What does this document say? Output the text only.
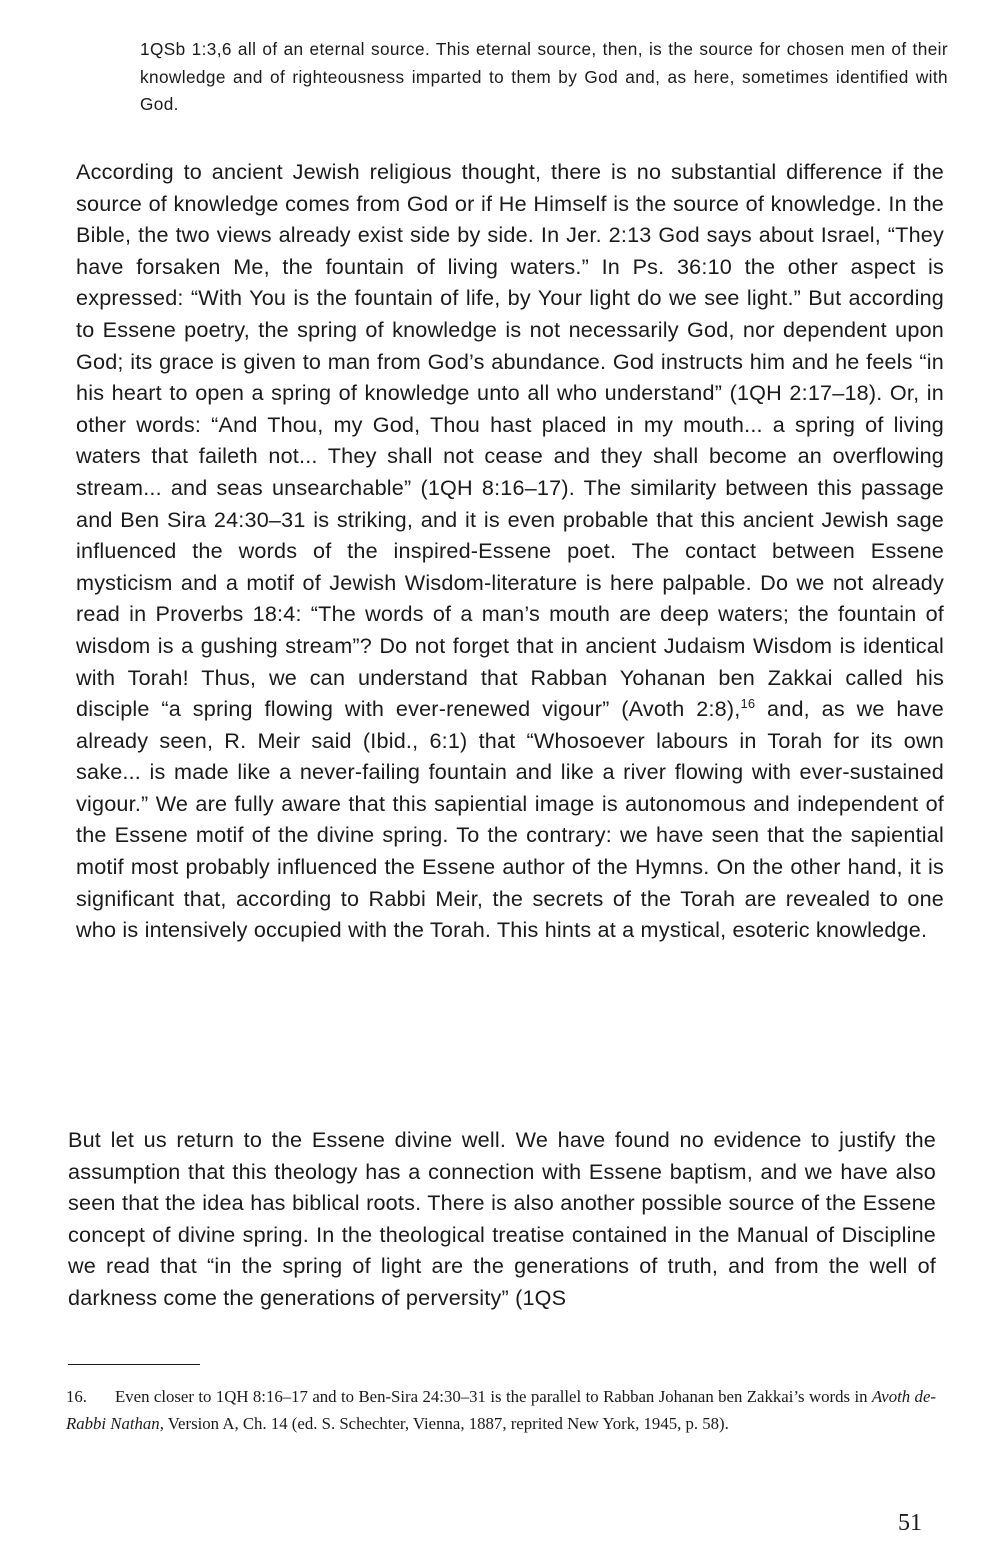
1QSb 1:3,6 all of an eternal source. This eternal source, then, is the source for chosen men of their knowledge and of righteousness imparted to them by God and, as here, sometimes identified with God.

According to ancient Jewish religious thought, there is no substantial difference if the source of knowledge comes from God or if He Himself is the source of knowledge. In the Bible, the two views already exist side by side. In Jer. 2:13 God says about Israel, “They have forsaken Me, the fountain of living waters.” In Ps. 36:10 the other aspect is expressed: “With You is the fountain of life, by Your light do we see light.” But according to Essene poetry, the spring of knowledge is not necessarily God, nor dependent upon God; its grace is given to man from God’s abundance. God instructs him and he feels “in his heart to open a spring of knowledge unto all who understand” (1QH 2:17–18). Or, in other words: “And Thou, my God, Thou hast placed in my mouth... a spring of living waters that faileth not... They shall not cease and they shall become an overflowing stream... and seas unsearchable” (1QH 8:16–17). The similarity between this passage and Ben Sira 24:30–31 is striking, and it is even probable that this ancient Jewish sage influenced the words of the inspired-Essene poet. The contact between Essene mysticism and a motif of Jewish Wisdom-literature is here palpable. Do we not already read in Proverbs 18:4: “The words of a man’s mouth are deep waters; the fountain of wisdom is a gushing stream”? Do not forget that in ancient Judaism Wisdom is identical with Torah! Thus, we can understand that Rabban Yohanan ben Zakkai called his disciple “a spring flowing with ever-renewed vigour” (Avoth 2:8),$^{16}$ and, as we have already seen, R. Meir said (Ibid., 6:1) that “Whosoever labours in Torah for its own sake... is made like a never-failing fountain and like a river flowing with ever-sustained vigour.” We are fully aware that this sapiential image is autonomous and independent of the Essene motif of the divine spring. To the contrary: we have seen that the sapiential motif most probably influenced the Essene author of the Hymns. On the other hand, it is significant that, according to Rabbi Meir, the secrets of the Torah are revealed to one who is intensively occupied with the Torah. This hints at a mystical, esoteric knowledge.

But let us return to the Essene divine well. We have found no evidence to justify the assumption that this theology has a connection with Essene baptism, and we have also seen that the idea has biblical roots. There is also another possible source of the Essene concept of divine spring. In the theological treatise contained in the Manual of Discipline we read that “in the spring of light are the generations of truth, and from the well of darkness come the generations of perversity” (1QS

16. Even closer to 1QH 8:16–17 and to Ben-Sira 24:30–31 is the parallel to Rabban Johanan ben Zakkai’s words in Avoth de-Rabbi Nathan, Version A, Ch. 14 (ed. S. Schechter, Vienna, 1887, reprited New York, 1945, p. 58).

51
